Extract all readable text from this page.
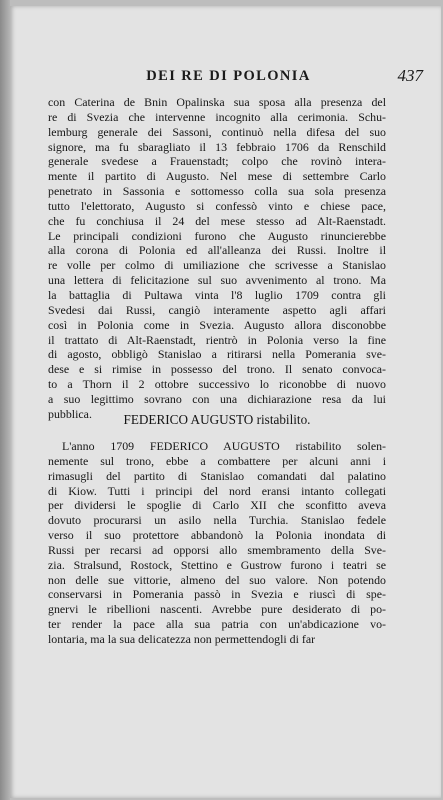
DEI RE DI POLONIA	437
con Caterina de Bnin Opalinska sua sposa alla presenza del
re di Svezia che intervenne incognito alla cerimonia. Schu-
lemburg generale dei Sassoni, continuò nella difesa del suo
signore, ma fu sbaragliato il 13 febbraio 1706 da Renschild
generale svedese a Frauenstadt; colpo che rovinò intera-
mente il partito di Augusto. Nel mese di settembre Carlo
penetrato in Sassonia e sottomesso colla sua sola presenza
tutto l'elettorato, Augusto si confessò vinto e chiese pace,
che fu conchiusa il 24 del mese stesso ad Alt-Raenstadt.
Le principali condizioni furono che Augusto rinuncierebbe
alla corona di Polonia ed all'alleanza dei Russi. Inoltre il
re volle per colmo di umiliazione che scrivesse a Stanislao
una lettera di felicitazione sul suo avvenimento al trono. Ma
la battaglia di Pultawa vinta l'8 luglio 1709 contra gli
Svedesi dai Russi, cangiò interamente aspetto agli affari
così in Polonia come in Svezia. Augusto allora disconobbe
il trattato di Alt-Raenstadt, rientrò in Polonia verso la fine
di agosto, obbligò Stanislao a ritirarsi nella Pomerania sve-
dese e si rimise in possesso del trono. Il senato convoca-
to a Thorn il 2 ottobre successivo lo riconobbe di nuovo
a suo legittimo sovrano con una dichiarazione resa da lui
pubblica.	FEDERICO AUGUSTO ristabilito.
L'anno 1709 FEDERICO AUGUSTO ristabilito solen-
nemente sul trono, ebbe a combattere per alcuni anni i
rimasugli del partito di Stanislao comandati dal palatino
di Kiow. Tutti i principi del nord eransi intanto collegati
per dividersi le spoglie di Carlo XII che sconfitto aveva
dovuto procurarsi un asilo nella Turchia. Stanislao fedele
verso il suo protettore abbandonò la Polonia inondata di
Russi per recarsi ad opporsi allo smembramento della Sve-
zia. Stralsund, Rostock, Stettino e Gustrow furono i teatri se
non delle sue vittorie, almeno del suo valore. Non potendo
conservarsi in Pomerania passò in Svezia e riuscì di spe-
gnervi le ribellioni nascenti. Avrebbe pure desiderato di po-
ter render la pace alla sua patria con un'abdicazione vo-
lontaria, ma la sua delicatezza non permettendogli di far
